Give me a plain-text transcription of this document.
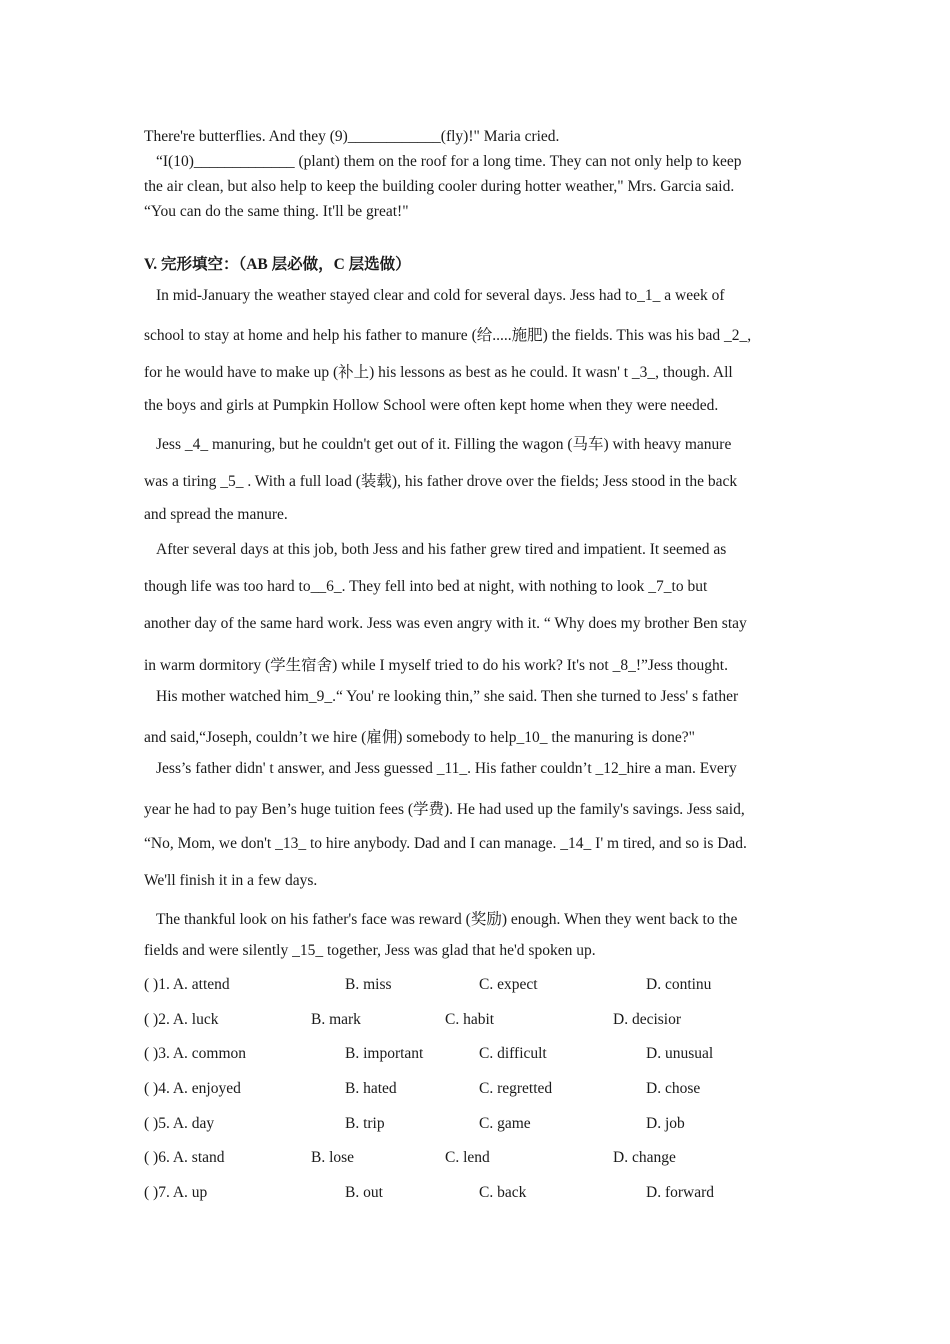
There're butterflies. And they (9)____________(fly)!" Maria cried.
“I(10)_____________ (plant) them on the roof for a long time. They can not only help to keep
the air clean, but also help to keep the building cooler during hotter weather," Mrs. Garcia said.
“You can do the same thing. It'll be great!"
V. 完形填空：（AB 层必做，C 层选做）
In mid-January the weather stayed clear and cold for several days. Jess had to_1_ a week of
school to stay at home and help his father to manure (给.....施肥) the fields. This was his bad _2_,
for he would have to make up (补上) his lessons as best as he could. It wasn' t _3_, though. All
the boys and girls at Pumpkin Hollow School were often kept home when they were needed.
Jess _4_ manuring, but he couldn't get out of it. Filling the wagon (马车) with heavy manure
was a tiring _5_ . With a full load (装载), his father drove over the fields; Jess stood in the back
and spread the manure.
After several days at this job, both Jess and his father grew tired and impatient. It seemed as
though life was too hard to__6_. They fell into bed at night, with nothing to look _7_to but
another day of the same hard work. Jess was even angry with it. “ Why does my brother Ben stay
in warm dormitory (学生宿舍) while I myself tried to do his work? It's not _8_!”Jess thought.
His mother watched him_9_.“ You' re looking thin,” she said. Then she turned to Jess' s father
and said,“Joseph, couldn’t we hire (雇佣) somebody to help_10_ the manuring is done?"
Jess’s father didn' t answer, and Jess guessed _11_. His father couldn’t _12_hire a man. Every
year he had to pay Ben’s huge tuition fees (学费). He had used up the family's savings. Jess said,
“No, Mom, we don't _13_ to hire anybody. Dad and I can manage. _14_ I' m tired, and so is Dad.
We'll finish it in a few days.
The thankful look on his father's face was reward (奖励) enough. When they went back to the
fields and were silently _15_ together, Jess was glad that he'd spoken up.
( )1. A. attend	B. miss	C. expect	D. continu
( )2. A. luck	B. mark	C. habit	D. decisior
( )3. A. common	B. important	C. difficult	D. unusual
( )4. A. enjoyed	B. hated	C. regretted	D. chose
( )5. A. day	B. trip	C. game	D. job
( )6. A. stand	B. lose	C. lend	D. change
( )7. A. up	B. out	C. back	D. forward
